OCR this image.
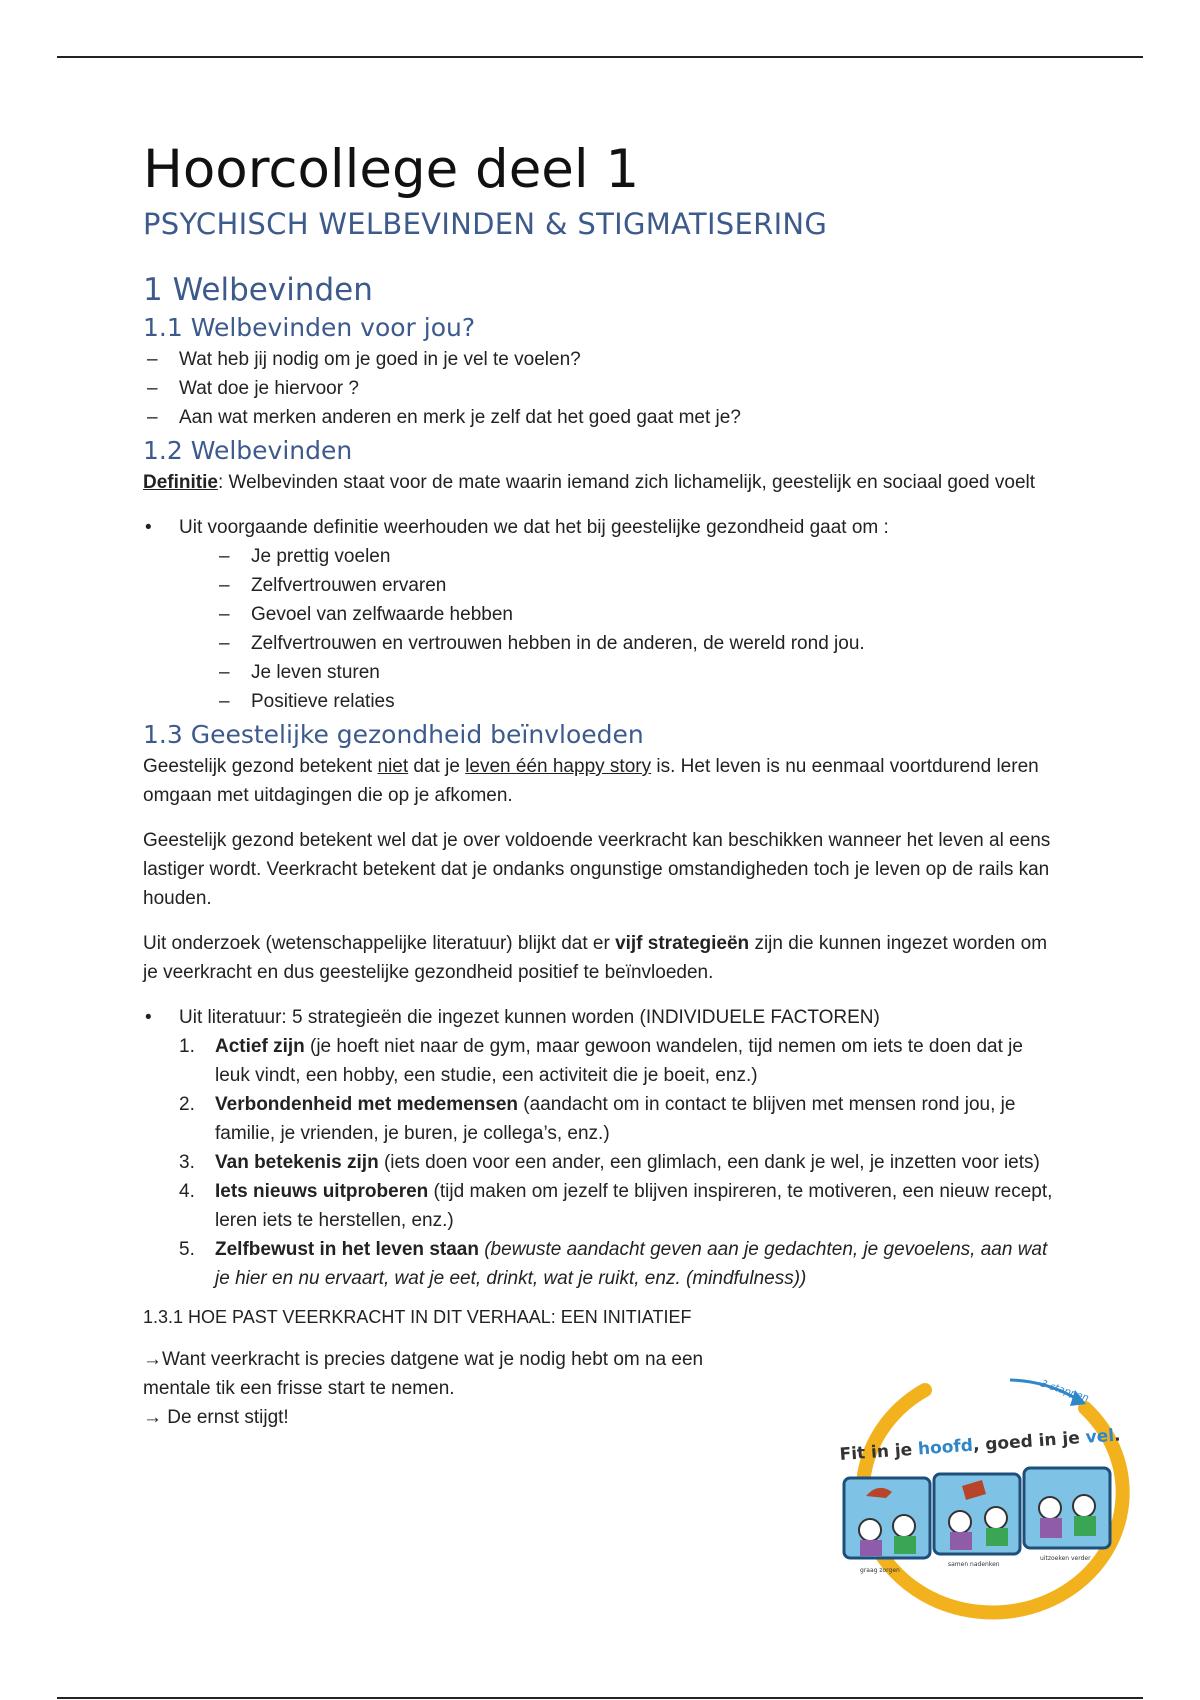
Hoorcollege deel 1
PSYCHISCH WELBEVINDEN & STIGMATISERING
1 Welbevinden
1.1 Welbevinden voor jou?
– Wat heb jij nodig om je goed in je vel te voelen?
– Wat doe je hiervoor ?
– Aan wat merken anderen en merk je zelf dat het goed gaat met je?
1.2 Welbevinden

Definitie: Welbevinden staat voor de mate waarin iemand zich lichamelijk, geestelijk en sociaal goed voelt

• Uit voorgaande definitie weerhouden we dat het bij geestelijke gezondheid gaat om :
– Je prettig voelen
– Zelfvertrouwen ervaren
– Gevoel van zelfwaarde hebben
– Zelfvertrouwen en vertrouwen hebben in de anderen, de wereld rond jou.
– Je leven sturen
– Positieve relaties
1.3 Geestelijke gezondheid beïnvloeden

Geestelijk gezond betekent niet dat je leven één happy story is. Het leven is nu eenmaal voortdurend leren omgaan met uitdagingen die op je afkomen.

Geestelijk gezond betekent wel dat je over voldoende veerkracht kan beschikken wanneer het leven al eens lastiger wordt. Veerkracht betekent dat je ondanks ongunstige omstandigheden toch je leven op de rails kan houden.

Uit onderzoek (wetenschappelijke literatuur) blijkt dat er vijf strategieën zijn die kunnen ingezet worden om je veerkracht en dus geestelijke gezondheid positief te beïnvloeden.

• Uit literatuur: 5 strategieën die ingezet kunnen worden (INDIVIDUELE FACTOREN)
1. Actief zijn (je hoeft niet naar de gym, maar gewoon wandelen, tijd nemen om iets te doen dat je leuk vindt, een hobby, een studie, een activiteit die je boeit, enz.)
2. Verbondenheid met medemensen (aandacht om in contact te blijven met mensen rond jou, je familie, je vrienden, je buren, je collega’s, enz.)
3. Van betekenis zijn (iets doen voor een ander, een glimlach, een dank je wel, je inzetten voor iets)
4. Iets nieuws uitproberen (tijd maken om jezelf te blijven inspireren, te motiveren, een nieuw recept, leren iets te herstellen, enz.)
5. Zelfbewust in het leven staan (bewuste aandacht geven aan je gedachten, je gevoelens, aan wat je hier en nu ervaart, wat je eet, drinkt, wat je ruikt, enz. (mindfulness))

1.3.1 HOE PAST VEERKRACHT IN DIT VERHAAL: EEN INITIATIEF

→Want veerkracht is precies datgene wat je nodig hebt om na een mentale tik een frisse start te nemen.

→ De ernst stijgt!

3 stappen
Fit in je hoofd, goed in je vel.
graag zorgen
samen nadenken
uitzoeken verder
